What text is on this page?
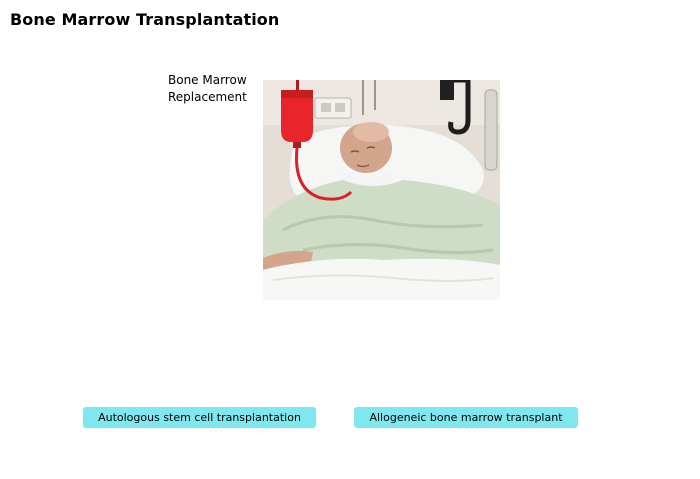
Bone Marrow Transplantation
Bone Marrow
Replacement
Autologous stem cell transplantation	Allogeneic bone marrow transplant
